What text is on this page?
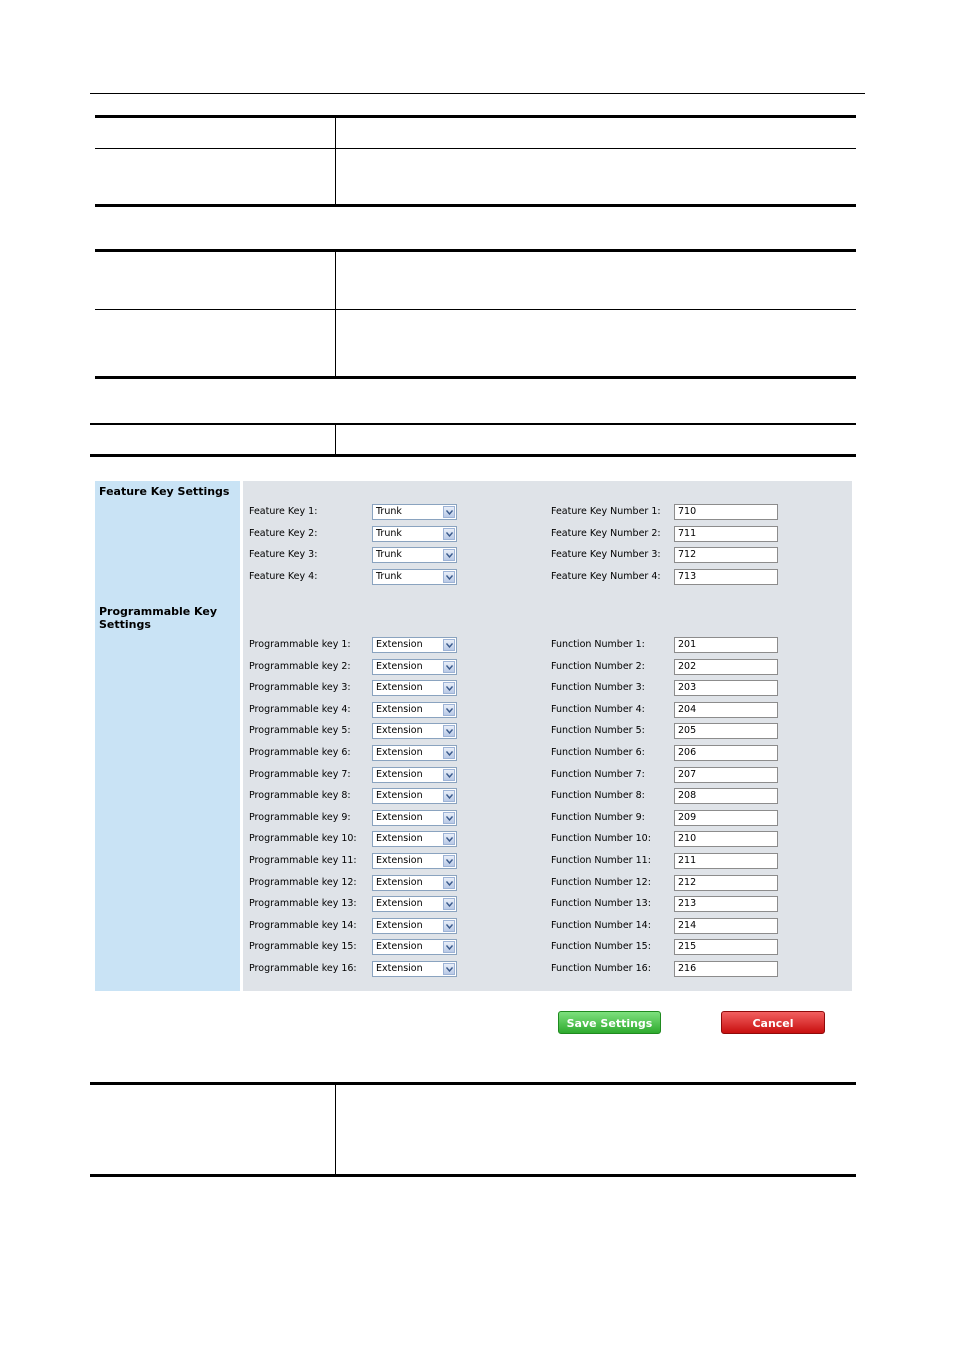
Feature Key Settings
Programmable Key Settings
Feature Key 1:	Trunk	Feature Key Number 1:	710
Feature Key 2:	Trunk	Feature Key Number 2:	711
Feature Key 3:	Trunk	Feature Key Number 3:	712
Feature Key 4:	Trunk	Feature Key Number 4:	713
Programmable key 1:	Extension	Function Number 1:	201
Programmable key 2:	Extension	Function Number 2:	202
Programmable key 3:	Extension	Function Number 3:	203
Programmable key 4:	Extension	Function Number 4:	204
Programmable key 5:	Extension	Function Number 5:	205
Programmable key 6:	Extension	Function Number 6:	206
Programmable key 7:	Extension	Function Number 7:	207
Programmable key 8:	Extension	Function Number 8:	208
Programmable key 9:	Extension	Function Number 9:	209
Programmable key 10: Extension	Function Number 10:	210
Programmable key 11: Extension	Function Number 11:	211
Programmable key 12: Extension	Function Number 12:	212
Programmable key 13: Extension	Function Number 13:	213
Programmable key 14: Extension	Function Number 14:	214
Programmable key 15: Extension	Function Number 15:	215
Programmable key 16: Extension	Function Number 16:	216
Save Settings	Cancel
